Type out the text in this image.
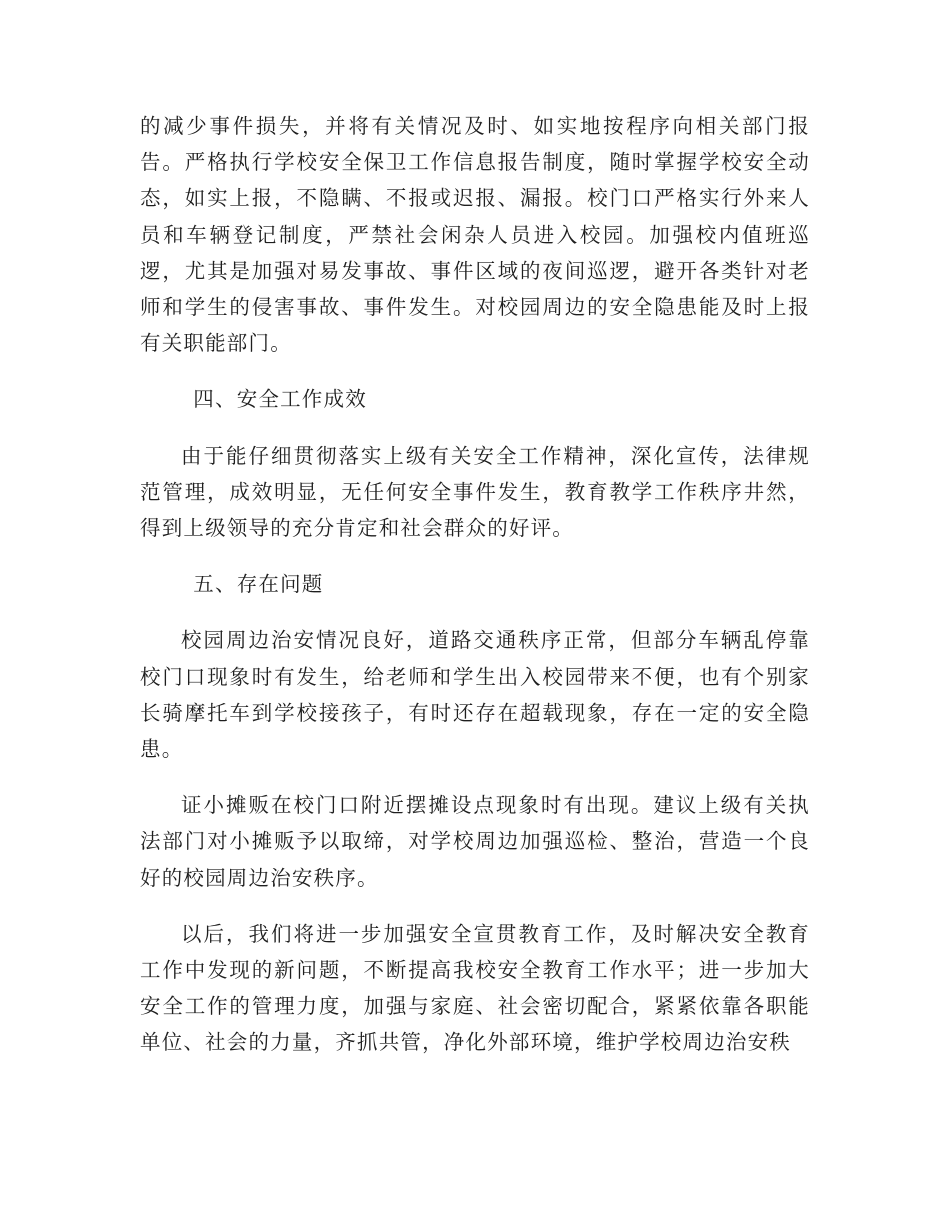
的减少事件损失，并将有关情况及时、如实地按程序向相关部门报告。严格执行学校安全保卫工作信息报告制度，随时掌握学校安全动态，如实上报，不隐瞒、不报或迟报、漏报。校门口严格实行外来人员和车辆登记制度，严禁社会闲杂人员进入校园。加强校内值班巡逻，尤其是加强对易发事故、事件区域的夜间巡逻，避开各类针对老师和学生的侵害事故、事件发生。对校园周边的安全隐患能及时上报有关职能部门。

四、安全工作成效

由于能仔细贯彻落实上级有关安全工作精神，深化宣传，法律规范管理，成效明显，无任何安全事件发生，教育教学工作秩序井然，得到上级领导的充分肯定和社会群众的好评。

五、存在问题

校园周边治安情况良好，道路交通秩序正常，但部分车辆乱停靠校门口现象时有发生，给老师和学生出入校园带来不便，也有个别家长骑摩托车到学校接孩子，有时还存在超载现象，存在一定的安全隐患。

证小摊贩在校门口附近摆摊设点现象时有出现。建议上级有关执法部门对小摊贩予以取缔，对学校周边加强巡检、整治，营造一个良好的校园周边治安秩序。

以后，我们将进一步加强安全宣贯教育工作，及时解决安全教育工作中发现的新问题，不断提高我校安全教育工作水平；进一步加大安全工作的管理力度，加强与家庭、社会密切配合，紧紧依靠各职能单位、社会的力量，齐抓共管，净化外部环境，维护学校周边治安秩
